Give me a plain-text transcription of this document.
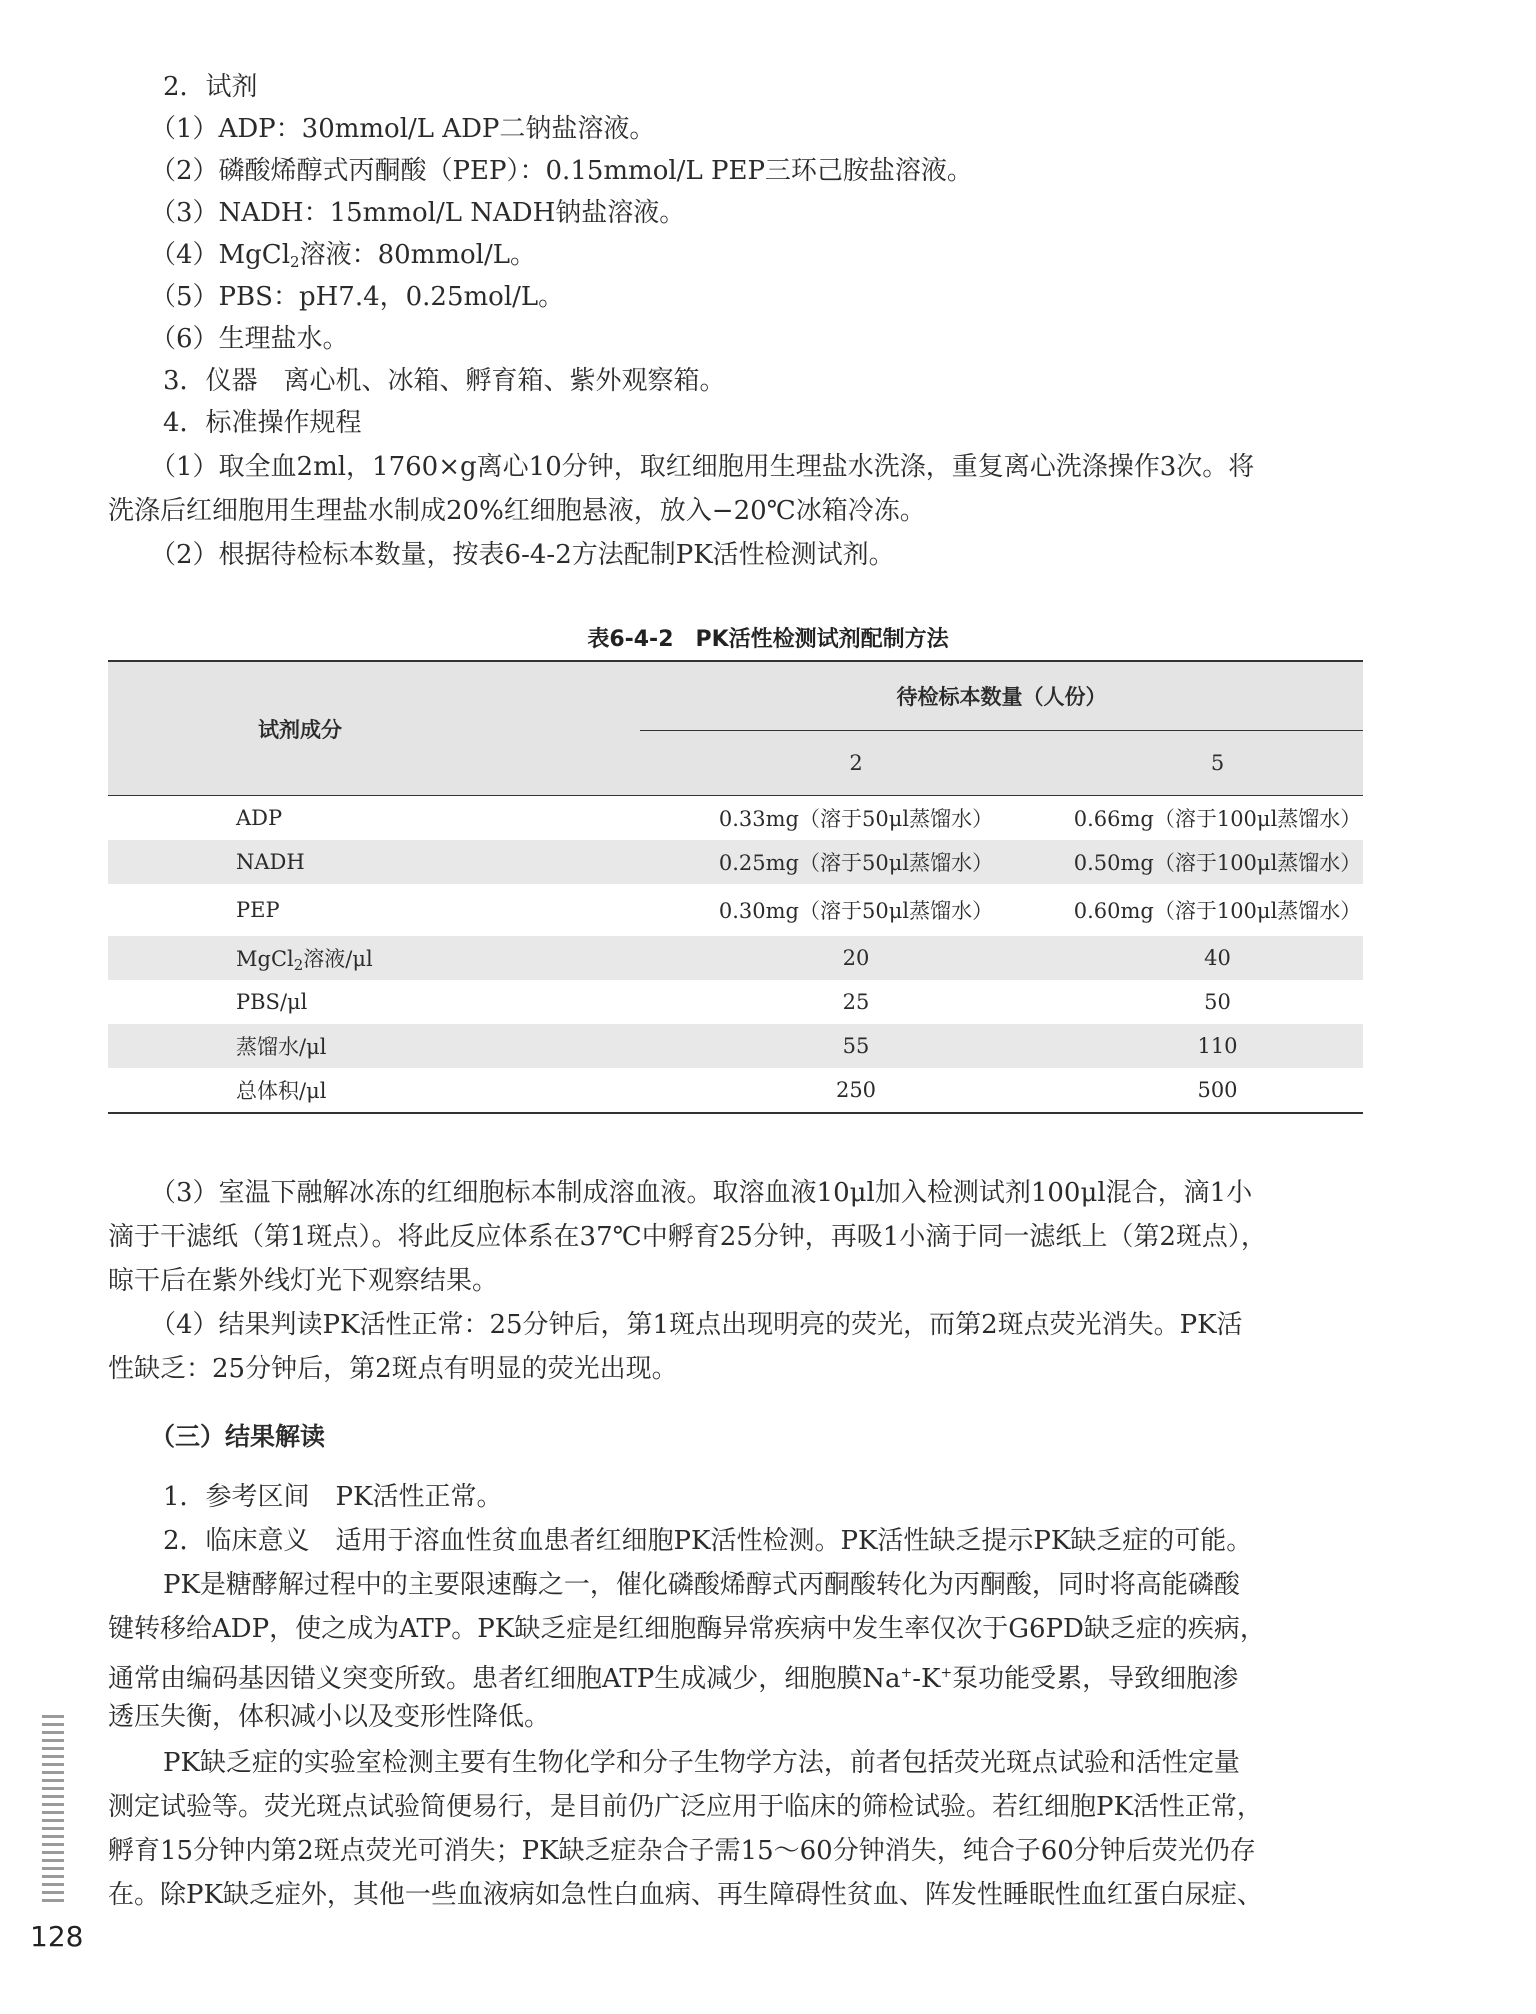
2．试剂
（1）ADP：30mmol/L ADP二钠盐溶液。
（2）磷酸烯醇式丙酮酸（PEP）：0.15mmol/L PEP三环己胺盐溶液。
（3）NADH：15mmol/L NADH钠盐溶液。
（4）MgCl$_2$溶液：80mmol/L。
（5）PBS：pH7.4，0.25mol/L。
（6）生理盐水。
3．仪器　离心机、冰箱、孵育箱、紫外观察箱。
4．标准操作规程
（1）取全血2ml，1760×g离心10分钟，取红细胞用生理盐水洗涤，重复离心洗涤操作3次。将
洗涤后红细胞用生理盐水制成20%红细胞悬液，放入−20℃冰箱冷冻。
（2）根据待检标本数量，按表6-4-2方法配制PK活性检测试剂。
表6-4-2　PK活性检测试剂配制方法
试剂成分	待检标本数量（人份）	
	2	5
ADP	0.33mg（溶于50μl蒸馏水）	0.66mg（溶于100μl蒸馏水）
NADH	0.25mg（溶于50μl蒸馏水）	0.50mg（溶于100μl蒸馏水）
PEP	0.30mg（溶于50μl蒸馏水）	0.60mg（溶于100μl蒸馏水）
MgCl$_2$溶液/μl	20	40
PBS/μl	25	50
蒸馏水/μl	55	110
总体积/μl	250	500
（3）室温下融解冰冻的红细胞标本制成溶血液。取溶血液10μl加入检测试剂100μl混合，滴1小
滴于干滤纸（第1斑点）。将此反应体系在37℃中孵育25分钟，再吸1小滴于同一滤纸上（第2斑点），
晾干后在紫外线灯光下观察结果。
（4）结果判读PK活性正常：25分钟后，第1斑点出现明亮的荧光，而第2斑点荧光消失。PK活
性缺乏：25分钟后，第2斑点有明显的荧光出现。
（三）结果解读
1．参考区间　PK活性正常。
2．临床意义　适用于溶血性贫血患者红细胞PK活性检测。PK活性缺乏提示PK缺乏症的可能。
PK是糖酵解过程中的主要限速酶之一，催化磷酸烯醇式丙酮酸转化为丙酮酸，同时将高能磷酸
键转移给ADP，使之成为ATP。PK缺乏症是红细胞酶异常疾病中发生率仅次于G6PD缺乏症的疾病，
通常由编码基因错义突变所致。患者红细胞ATP生成减少，细胞膜Na+-K+泵功能受累，导致细胞渗
透压失衡，体积减小以及变形性降低。
PK缺乏症的实验室检测主要有生物化学和分子生物学方法，前者包括荧光斑点试验和活性定量
测定试验等。荧光斑点试验简便易行，是目前仍广泛应用于临床的筛检试验。若红细胞PK活性正常，
孵育15分钟内第2斑点荧光可消失；PK缺乏症杂合子需15～60分钟消失，纯合子60分钟后荧光仍存
在。除PK缺乏症外，其他一些血液病如急性白血病、再生障碍性贫血、阵发性睡眠性血红蛋白尿症、
128
